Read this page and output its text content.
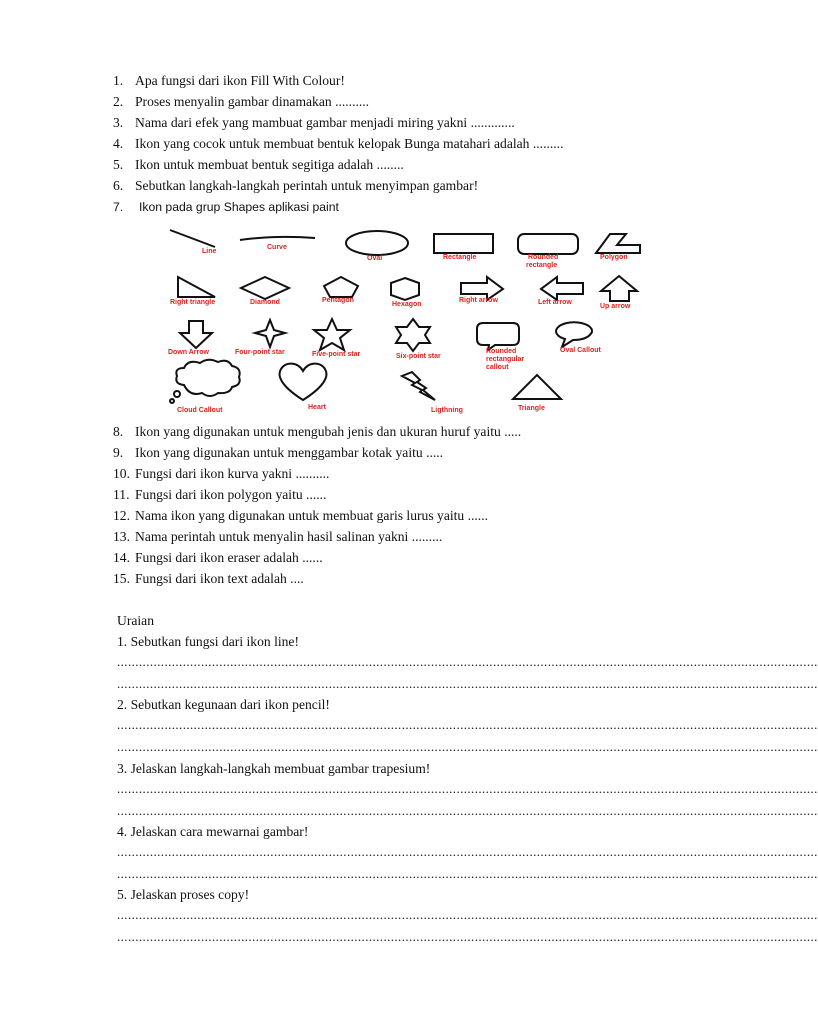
1. Apa fungsi dari ikon Fill With Colour!
2. Proses menyalin gambar dinamakan ..........
3. Nama dari efek yang mambuat gambar menjadi miring yakni .............
4. Ikon yang cocok untuk membuat bentuk kelopak Bunga matahari adalah .........
5. Ikon untuk membuat bentuk segitiga adalah ........
6. Sebutkan langkah-langkah perintah untuk menyimpan gambar!
7. Ikon pada grup Shapes aplikasi paint
Line
Curve
Oval	Rectangle	Rounded
rectangle
Polygon
Right triangle	Diamond	Pentagon
Hexagon
Right arrow	Left arrow
Up arrow
Down Arrow	Four-point star	Five-point star	Six-point star
Rounded
rectangular
callout
Oval Callout
Cloud Callout	Heart	Ligthning	Triangle
8. Ikon yang digunakan untuk mengubah jenis dan ukuran huruf yaitu .....
9. Ikon yang digunakan untuk menggambar kotak yaitu .....
10. Fungsi dari ikon kurva yakni ..........
11. Fungsi dari ikon polygon yaitu ......
12. Nama ikon yang digunakan untuk membuat garis lurus yaitu ......
13. Nama perintah untuk menyalin hasil salinan yakni .........
14. Fungsi dari ikon eraser adalah ......
15. Fungsi dari ikon text adalah ....
Uraian
1. Sebutkan fungsi dari ikon line!
................................................................................................................................................................................................
................................................................................................................................................................................................
2. Sebutkan kegunaan dari ikon pencil!
................................................................................................................................................................................................
................................................................................................................................................................................................
3. Jelaskan langkah-langkah membuat gambar trapesium!
................................................................................................................................................................................................
................................................................................................................................................................................................
4. Jelaskan cara mewarnai gambar!
................................................................................................................................................................................................
................................................................................................................................................................................................
5. Jelaskan proses copy!
................................................................................................................................................................................................
................................................................................................................................................................................................
